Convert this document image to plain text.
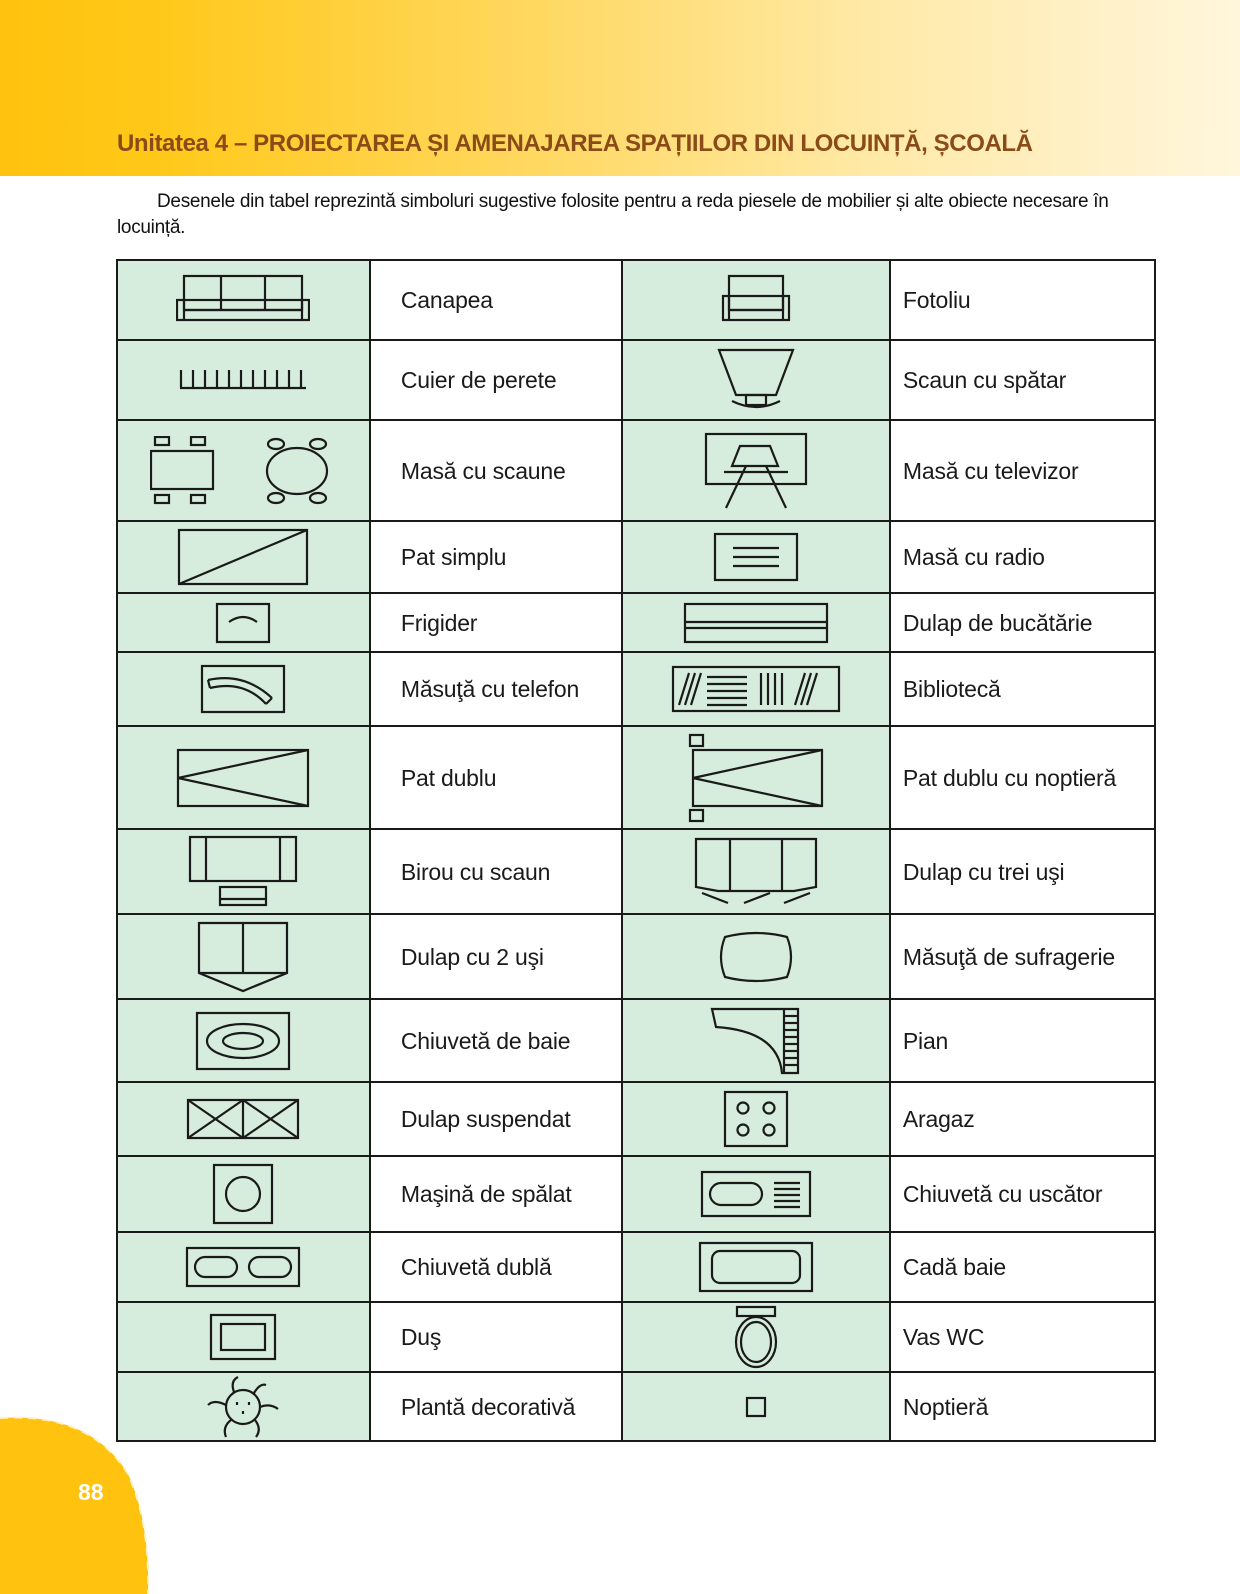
Unitatea 4 – PROIECTAREA ȘI AMENAJAREA SPAȚIILOR DIN LOCUINȚĂ, ȘCOALĂ

Desenele din tabel reprezintă simboluri sugestive folosite pentru a reda piesele de mobilier și alte obiecte necesare în locuință.

	Canapea		Fotoliu

	Cuier de perete		Scaun cu spătar

	Masă cu scaune		Masă cu televizor

	Pat simplu		Masă cu radio

	Frigider		Dulap de bucătărie

	Măsuţă cu telefon		Bibliotecă

	Pat dublu		Pat dublu cu noptieră

	Birou cu scaun		Dulap cu trei uşi

	Dulap cu 2 uşi		Măsuţă de sufragerie

	Chiuvetă de baie		Pian

	Dulap suspendat		Aragaz

	Maşină de spălat		Chiuvetă cu uscător

	Chiuvetă dublă		Cadă baie

	Duş		Vas WC

	Plantă decorativă		Noptieră
88
